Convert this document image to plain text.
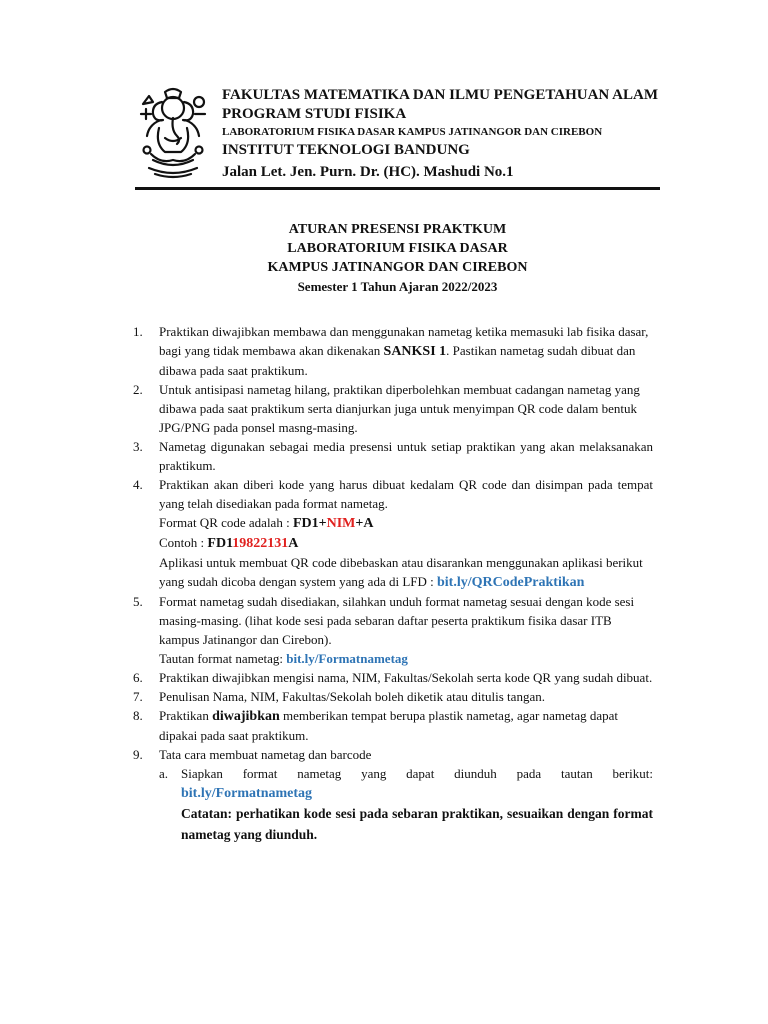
FAKULTAS MATEMATIKA DAN ILMU PENGETAHUAN ALAM
PROGRAM STUDI FISIKA
LABORATORIUM FISIKA DASAR KAMPUS JATINANGOR DAN CIREBON
INSTITUT TEKNOLOGI BANDUNG
Jalan Let. Jen. Purn. Dr. (HC). Mashudi No.1
ATURAN PRESENSI PRAKTKUM
LABORATORIUM FISIKA DASAR
KAMPUS JATINANGOR DAN CIREBON
Semester 1 Tahun Ajaran 2022/2023
1.	Praktikan diwajibkan membawa dan menggunakan nametag ketika memasuki lab fisika dasar, bagi yang tidak membawa akan dikenakan SANKSI 1. Pastikan nametag sudah dibuat dan dibawa pada saat praktikum.

2.	Untuk antisipasi nametag hilang, praktikan diperbolehkan membuat cadangan nametag yang dibawa pada saat praktikum serta dianjurkan juga untuk menyimpan QR code dalam bentuk JPG/PNG pada ponsel masng-masing.

3.	Nametag digunakan sebagai media presensi untuk setiap praktikan yang akan melaksanakan praktikum.

4.	Praktikan akan diberi kode yang harus dibuat kedalam QR code dan disimpan pada tempat yang telah disediakan pada format nametag.

Format QR code adalah : FD1+NIM+A

Contoh : FD119822131A

Aplikasi untuk membuat QR code dibebaskan atau disarankan menggunakan aplikasi berikut yang sudah dicoba dengan system yang ada di LFD : bit.ly/QRCodePraktikan

5.	Format nametag sudah disediakan, silahkan unduh format nametag sesuai dengan kode sesi masing-masing. (lihat kode sesi pada sebaran daftar peserta praktikum fisika dasar ITB kampus Jatinangor dan Cirebon).

Tautan format nametag: bit.ly/Formatnametag

6.	Praktikan diwajibkan mengisi nama, NIM, Fakultas/Sekolah serta kode QR yang sudah dibuat.

7.	Penulisan Nama, NIM, Fakultas/Sekolah boleh diketik atau ditulis tangan.

8.	Praktikan diwajibkan memberikan tempat berupa plastik nametag, agar nametag dapat dipakai pada saat praktikum.

9.	Tata cara membuat nametag dan barcode

a. Siapkan format nametag yang dapat diunduh pada tautan berikut:

bit.ly/Formatnametag

Catatan: perhatikan kode sesi pada sebaran praktikan, sesuaikan dengan format nametag yang diunduh.
